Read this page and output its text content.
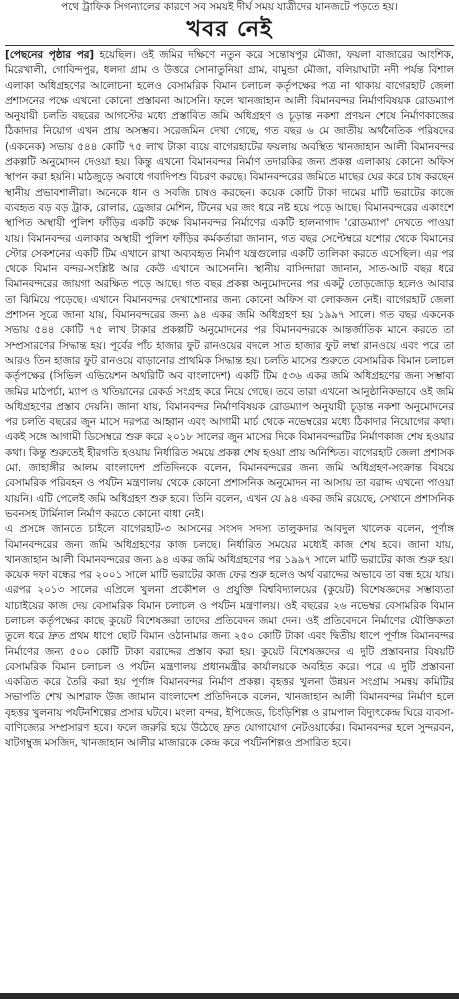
পথে ট্রাফিক সিগন্যালের কারণে সব সময়ই দীর্ঘ সময় যাত্রীদের যানজটে পড়তে হয়।

খবর নেই

[পেছনের পৃষ্ঠার পর] হয়েছিল। ওই জমির দক্ষিণে নতুন করে সন্তোষপুর মৌজা, ফয়লা বাজারের আংশিক, মিরেখালী, গোবিন্দপুর, ধলদা গ্রাম ও উত্তরে সোনাতুনিয়া গ্রাম, বামুন্ডা মৌজা, বলিয়াঘাটা নদী পর্যন্ত বিশাল এলাকা অধিগ্রহণের আলোচনা হলেও বেসামরিক বিমান চলাচল কর্তৃপক্ষের পত্র না থাকায় বাগেরহাট জেলা প্রশাসনের পক্ষে এখনো কোনো প্রস্তাবনা আসেনি। ফলে খানজাহান আলী বিমানবন্দর নির্মাণবিষয়ক রোডম্যাপ অনুযায়ী চলতি বছরের আগস্টের মধ্যে প্রস্তাবিত জমি অধিগ্রহণ ও চূড়ান্ত নকশা প্রণয়ন শেষে নির্মাণকাজের ঠিকাদার নিয়োগ এখন প্রায় অসম্ভব। সরেজমিন দেখা গেছে, গত বছর ৬ মে জাতীয় অর্থনৈতিক পরিষদের (একনেক) সভায় ৫৪৪ কোটি ৭৫ লাখ টাকা ব্যয়ে বাগেরহাটের ফয়লায় অবস্থিত খানজাহান আলী বিমানবন্দর প্রকল্পটি অনুমোদন দেওয়া হয়। কিন্তু এখনো বিমানবন্দর নির্মাণ তদারকির জন্য প্রকল্প এলাকায় কোনো অফিস স্থাপন করা হয়নি। মাঠজুড়ে অবাধে গবাদিপশু বিচরণ করছে। বিমানবন্দরের জমিতে মাছের ঘের করে চাষ করছেন স্থানীয় প্রভাবশালীরা। অনেকে ধান ও সবজি চাষও করছেন। কয়েক কোটি টাকা দামের মাটি ভরাটের কাজে ব্যবহৃত বড় বড় ট্রাক, রোলার, ড্রেজার মেশিন, টিনের ঘর জং ধরে নষ্ট হয়ে পড়ে আছে। বিমানবন্দরের একাংশে স্থাপিত অস্থায়ী পুলিশ ফাঁড়ির একটি কক্ষে বিমানবন্দর নির্মাণের একটি হালনাগাদ 'রোডম্যাপ' দেখতে পাওয়া যায়। বিমানবন্দর এলাকার অস্থায়ী পুলিশ ফাঁড়ির কর্মকর্তারা জানান, গত বছর সেপ্টেম্বরে যশোর থেকে বিমানের স্টোর সেকশনের একটি টিম এখানে রাখা অব্যবহৃত নির্মাণ যন্ত্রগুলোর একটি তালিকা করতে এসেছিল। এর পর থেকে বিমান বন্দর-সংশ্লিষ্ট আর কেউ এখানে আসেননি। স্থানীয় বাসিন্দারা জানান, সাত-আট বছর ধরে বিমানবন্দরের জায়গা অরক্ষিত পড়ে আছে। গত বছর প্রকল্প অনুমোদনের পর একটু তোড়জোড় হলেও আবার তা ঝিমিয়ে পড়েছে। এখানে বিমানবন্দর দেখাশোনার জন্য কোনো অফিস বা লোকজন নেই। বাগেরহাট জেলা প্রশাসন সূত্রে জানা যায়, বিমানবন্দরের জন্য ৯৪ একর জমি অধিগ্রহণ হয় ১৯৯৭ সালে। গত বছর একনেক সভায় ৫৪৪ কোটি ৭৫ লাখ টাকার প্রকল্পটি অনুমোদনের পর বিমানবন্দরকে আন্তর্জাতিক মানে করতে তা সম্প্রসারণের সিদ্ধান্ত হয়। পূর্বের পাঁচ হাজার ফুট রানওয়ের বদলে সাত হাজার ফুট লম্বা রানওয়ে এবং পরে তা আরও তিন হাজার ফুট রানওয়ে বাড়ানোর প্রাথমিক সিদ্ধান্ত হয়। চলতি মাসের শুরুতে বেসামরিক বিমান চলাচল কর্তৃপক্ষের (সিভিল এভিয়েশন অথরিটি অব বাংলাদেশ) একটি টিম ৫৩৬ একর জমি অধিগ্রহণের জন্য সম্ভাব্য জমির মাঠপর্চা, ম্যাপ ও খতিয়ানের রেকর্ড সংগ্রহ করে নিয়ে গেছে। তবে তারা এখনো আনুষ্ঠানিকভাবে ওই জমি অধিগ্রহণের প্রস্তাব দেয়নি। জানা যায়, বিমানবন্দর নির্মাণবিষয়ক রোডম্যাপ অনুযায়ী চূড়ান্ত নকশা অনুমোদনের পর চলতি বছরের জুন মাসে দরপত্র আহ্বান এবং আগামী মার্চ থেকে নভেম্বরের মধ্যে ঠিকাদার নিয়োগের কথা। একই সঙ্গে আগামী ডিসেম্বরে শুরু করে ২০১৮ সালের জুন মাসের দিকে বিমানবন্দরটির নির্মাণকাজ শেষ হওয়ার কথা। কিন্তু শুরুতেই হীরগতি হওয়ায় নির্ধারিত সময়ে প্রকল্প শেষ হওয়া প্রায় অনিশ্চিত। বাগেরহাট জেলা প্রশাসক মো. জাহাঙ্গীর আলম বাংলাদেশ প্রতিদিনকে বলেন, বিমানবন্দরের জন্য জমি অধিগ্রহণ-সংক্রান্ত বিষয়ে বেসামরিক পরিবহন ও পর্যটন মন্ত্রণালয় থেকে কোনো প্রশাসনিক অনুমোদন না আসায় তা বরাদ্দ এখনো পাওয়া যায়নি। এটি পেলেই জমি অধিগ্রহণ শুরু হবে। তিনি বলেন, এখন যে ৯৪ একর জমি রয়েছে, সেখানে প্রশাসনিক ভবনসহ টার্মিনাল নির্মাণ করতে কোনো বাধা নেই।

এ প্রসঙ্গে জানতে চাইলে বাগেরহাট-৩ আসনের সংসদ সদস্য তালুকদার আবদুল খালেক বলেন, পূর্ণাঙ্গ বিমানবন্দরের জন্য জমি অধিগ্রহণের কাজ চলছে। নির্ধারিত সময়ের মধ্যেই কাজ শেষ হবে। জানা যায়, খানজাহান আলী বিমানবন্দরের জন্য ৯৪ একর জমি অধিগ্রহণের পর ১৯৯৭ সালে মাটি ভরাটের কাজ শুরু হয়। কয়েক দফা বন্ধের পর ২০০১ সালে মাটি ভরাটের কাজ ফের শুরু হলেও অর্থ বরাদ্দের অভাবে তা বন্ধ হয়ে যায়। এরপর ২০১৩ সালের এপ্রিলে খুলনা প্রকৌশল ও প্রযুক্তি বিশ্ববিদ্যালয়ের (কুয়েট) বিশেষজ্ঞদের সম্ভাব্যতা যাচাইয়ের কাজ দেয় বেসামরিক বিমান চলাচল ও পর্যটন মন্ত্রণালয়। ওই বছরের ২৬ নভেম্বর বেসামরিক বিমান চলাচল কর্তৃপক্ষের কাছে কুয়েট বিশেষজ্ঞরা তাদের প্রতিবেদন জমা দেন। ওই প্রতিবেদনে নির্মাণের যৌক্তিকতা তুলে ধরে দ্রুত প্রথম ধাপে ছোট বিমান ওঠানামার জন্য ২৫০ কোটি টাকা এবং দ্বিতীয় ধাপে পূর্ণাঙ্গ বিমানবন্দর নির্মাণের জন্য ৫০০ কোটি টাকা বরাদ্দের প্রস্তাব করা হয়। কুয়েট বিশেষজ্ঞদের এ দুটি প্রস্তাবনার বিষয়টি বেসামরিক বিমান চলাচল ও পর্যটন মন্ত্রণালয় প্রধানমন্ত্রীর কার্যালয়কে অবহিত করে। পরে এ দুটি প্রস্তাবনা একত্রিত করে তৈরি করা হয় পূর্ণাঙ্গ বিমানবন্দর নির্মাণ প্রকল্প। বৃহত্তর খুলনা উন্নয়ন সংগ্রাম সমন্বয় কমিটির সভাপতি শেখ আশরাফ উজ জামান বাংলাদেশ প্রতিদিনকে বলেন, খানজাহান আলী বিমানবন্দর নির্মাণ হলে বৃহত্তর খুলনায় পর্যটনশিল্পের প্রসার ঘটবে। মংলা বন্দর, ইপিজেড, চিংড়িশিল্প ও রামপাল বিদ্যুৎকেন্দ্র ঘিরে ব্যবসা-বাণিজ্যের সম্প্রসারণ হবে। ফলে জরুরি হয়ে উঠেছে দ্রুত যোগাযোগ নেটওয়ার্কের। বিমানবন্দর হলে সুন্দরবন, ষাটগম্বুজ মসজিদ, খানজাহান আলীর মাজারকে কেন্দ্র করে পর্যটনশিল্পও প্রসারিত হবে।
